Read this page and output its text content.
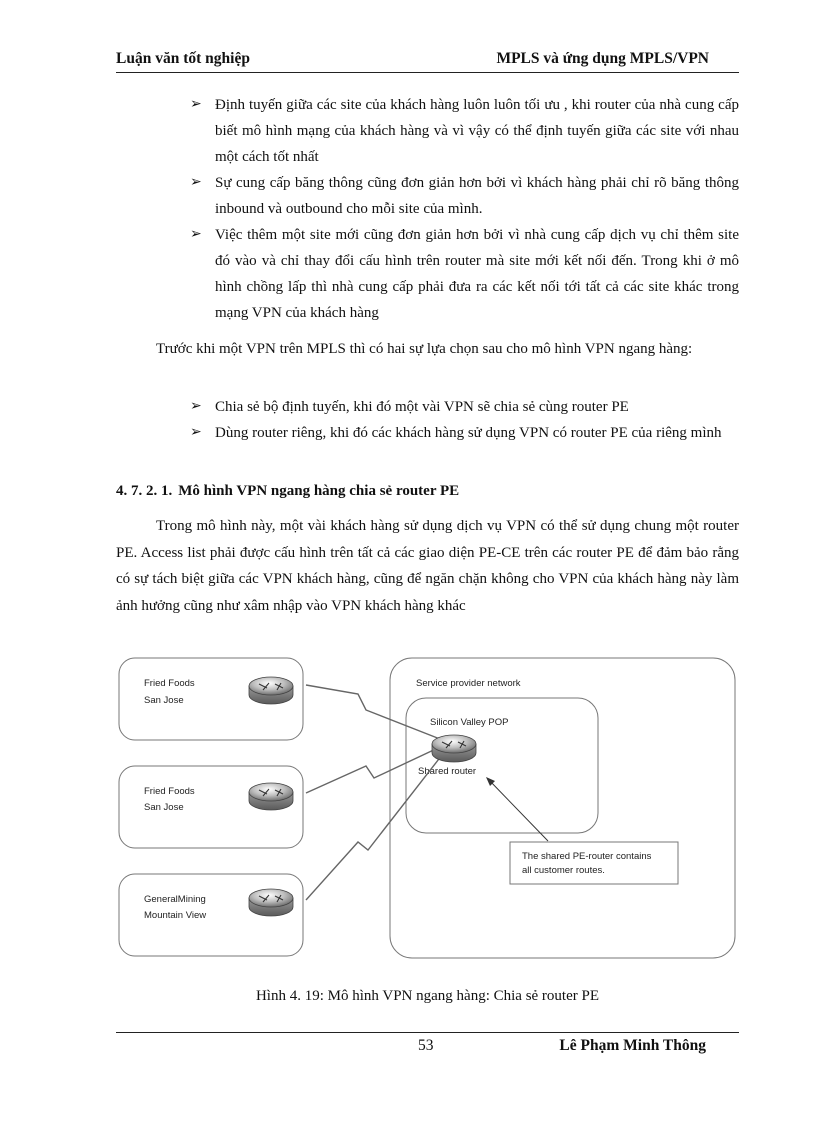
Luận văn tốt nghiệp	MPLS và ứng dụng MPLS/VPN
➢ Định tuyến giữa các site của khách hàng luôn luôn tối ưu , khi router của nhà cung cấp biết mô hình mạng của khách hàng và vì vậy có thể định tuyến giữa các site với nhau một cách tốt nhất
➢ Sự cung cấp băng thông cũng đơn giản hơn bởi vì khách hàng phải chỉ rõ băng thông inbound và outbound cho mỗi site của mình.
➢ Việc thêm một site mới cũng đơn giản hơn bởi vì nhà cung cấp dịch vụ chỉ thêm site đó vào và chỉ thay đổi cấu hình trên router mà site mới kết nối đến. Trong khi ở mô hình chồng lấp thì nhà cung cấp phải đưa ra các kết nối tới tất cả các site khác trong mạng VPN của khách hàng

Trước khi một VPN trên MPLS thì có hai sự lựa chọn sau cho mô hình VPN ngang hàng:

➢ Chia sẻ bộ định tuyến, khi đó một vài VPN sẽ chia sẻ cùng router PE
➢ Dùng router riêng, khi đó các khách hàng sử dụng VPN có router PE của riêng mình
4. 7. 2. 1. Mô hình VPN ngang hàng chia sẻ router PE

Trong mô hình này, một vài khách hàng sử dụng dịch vụ VPN có thể sử dụng chung một router PE. Access list phải được cấu hình trên tất cả các giao diện PE-CE trên các router PE để đảm bảo rằng có sự tách biệt giữa các VPN khách hàng, cũng để ngăn chặn không cho VPN của khách hàng này làm ảnh hưởng cũng như xâm nhập vào VPN khách hàng khác

Fried Foods
San Jose
Fried Foods
San Jose
GeneralMining
Mountain View
Service provider network
Silicon Valley POP
Shared router
The shared PE-router contains
all customer routes.

Hình 4. 19: Mô hình VPN ngang hàng: Chia sẻ router PE

53	Lê Phạm Minh Thông
